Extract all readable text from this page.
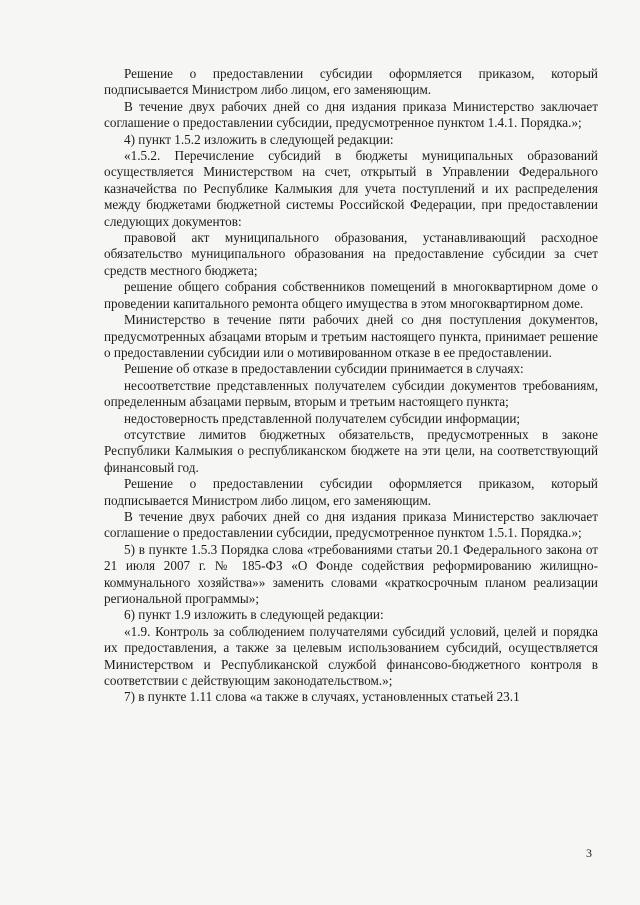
Решение о предоставлении субсидии оформляется приказом, который подписывается Министром либо лицом, его заменяющим.

В течение двух рабочих дней со дня издания приказа Министерство заключает соглашение о предоставлении субсидии, предусмотренное пунктом 1.4.1. Порядка.»;

4) пункт 1.5.2 изложить в следующей редакции:

«1.5.2. Перечисление субсидий в бюджеты муниципальных образований осуществляется Министерством на счет, открытый в Управлении Федерального казначейства по Республике Калмыкия для учета поступлений и их распределения между бюджетами бюджетной системы Российской Федерации, при предоставлении следующих документов:

правовой акт муниципального образования, устанавливающий расходное обязательство муниципального образования на предоставление субсидии за счет средств местного бюджета;

решение общего собрания собственников помещений в многоквартирном доме о проведении капитального ремонта общего имущества в этом многоквартирном доме.

Министерство в течение пяти рабочих дней со дня поступления документов, предусмотренных абзацами вторым и третьим настоящего пункта, принимает решение о предоставлении субсидии или о мотивированном отказе в ее предоставлении.

Решение об отказе в предоставлении субсидии принимается в случаях:

несоответствие представленных получателем субсидии документов требованиям, определенным абзацами первым, вторым и третьим настоящего пункта;

недостоверность представленной получателем субсидии информации;

отсутствие лимитов бюджетных обязательств, предусмотренных в законе Республики Калмыкия о республиканском бюджете на эти цели, на соответствующий финансовый год.

Решение о предоставлении субсидии оформляется приказом, который подписывается Министром либо лицом, его заменяющим.

В течение двух рабочих дней со дня издания приказа Министерство заключает соглашение о предоставлении субсидии, предусмотренное пунктом 1.5.1. Порядка.»;

5) в пункте 1.5.3 Порядка слова «требованиями статьи 20.1 Федерального закона от 21 июля 2007 г. № 185-ФЗ «О Фонде содействия реформированию жилищно-коммунального хозяйства»» заменить словами «краткосрочным планом реализации региональной программы»;

6) пункт 1.9 изложить в следующей редакции:

«1.9. Контроль за соблюдением получателями субсидий условий, целей и порядка их предоставления, а также за целевым использованием субсидий, осуществляется Министерством и Республиканской службой финансово-бюджетного контроля в соответствии с действующим законодательством.»;

7) в пункте 1.11 слова «а также в случаях, установленных статьей 23.1

3
